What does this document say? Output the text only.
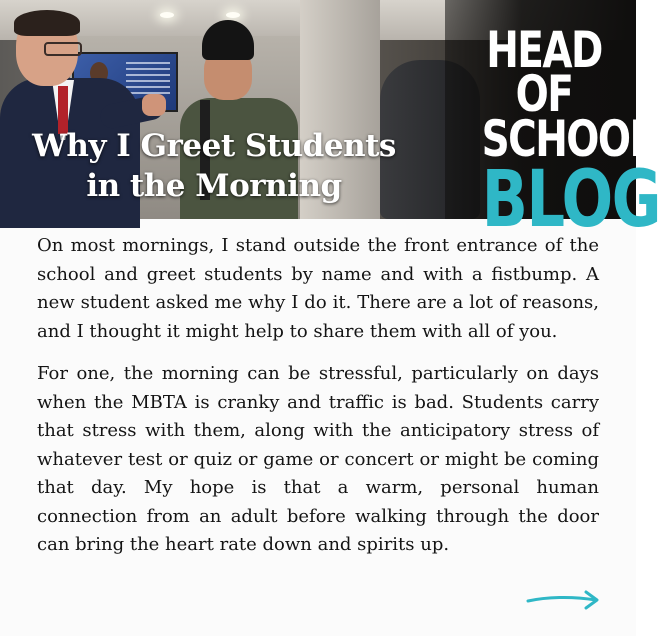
Why I Greet Students
in the Morning
HEAD OF
SCHOOL
BLOG

On most mornings, I stand outside the front entrance of the school and greet students by name and with a fistbump. A new student asked me why I do it. There are a lot of reasons, and I thought it might help to share them with all of you.

For one, the morning can be stressful, particularly on days when the MBTA is cranky and traffic is bad. Students carry that stress with them, along with the anticipatory stress of whatever test or quiz or game or concert or might be coming that day. My hope is that a warm, personal human connection from an adult before walking through the door can bring the heart rate down and spirits up.
